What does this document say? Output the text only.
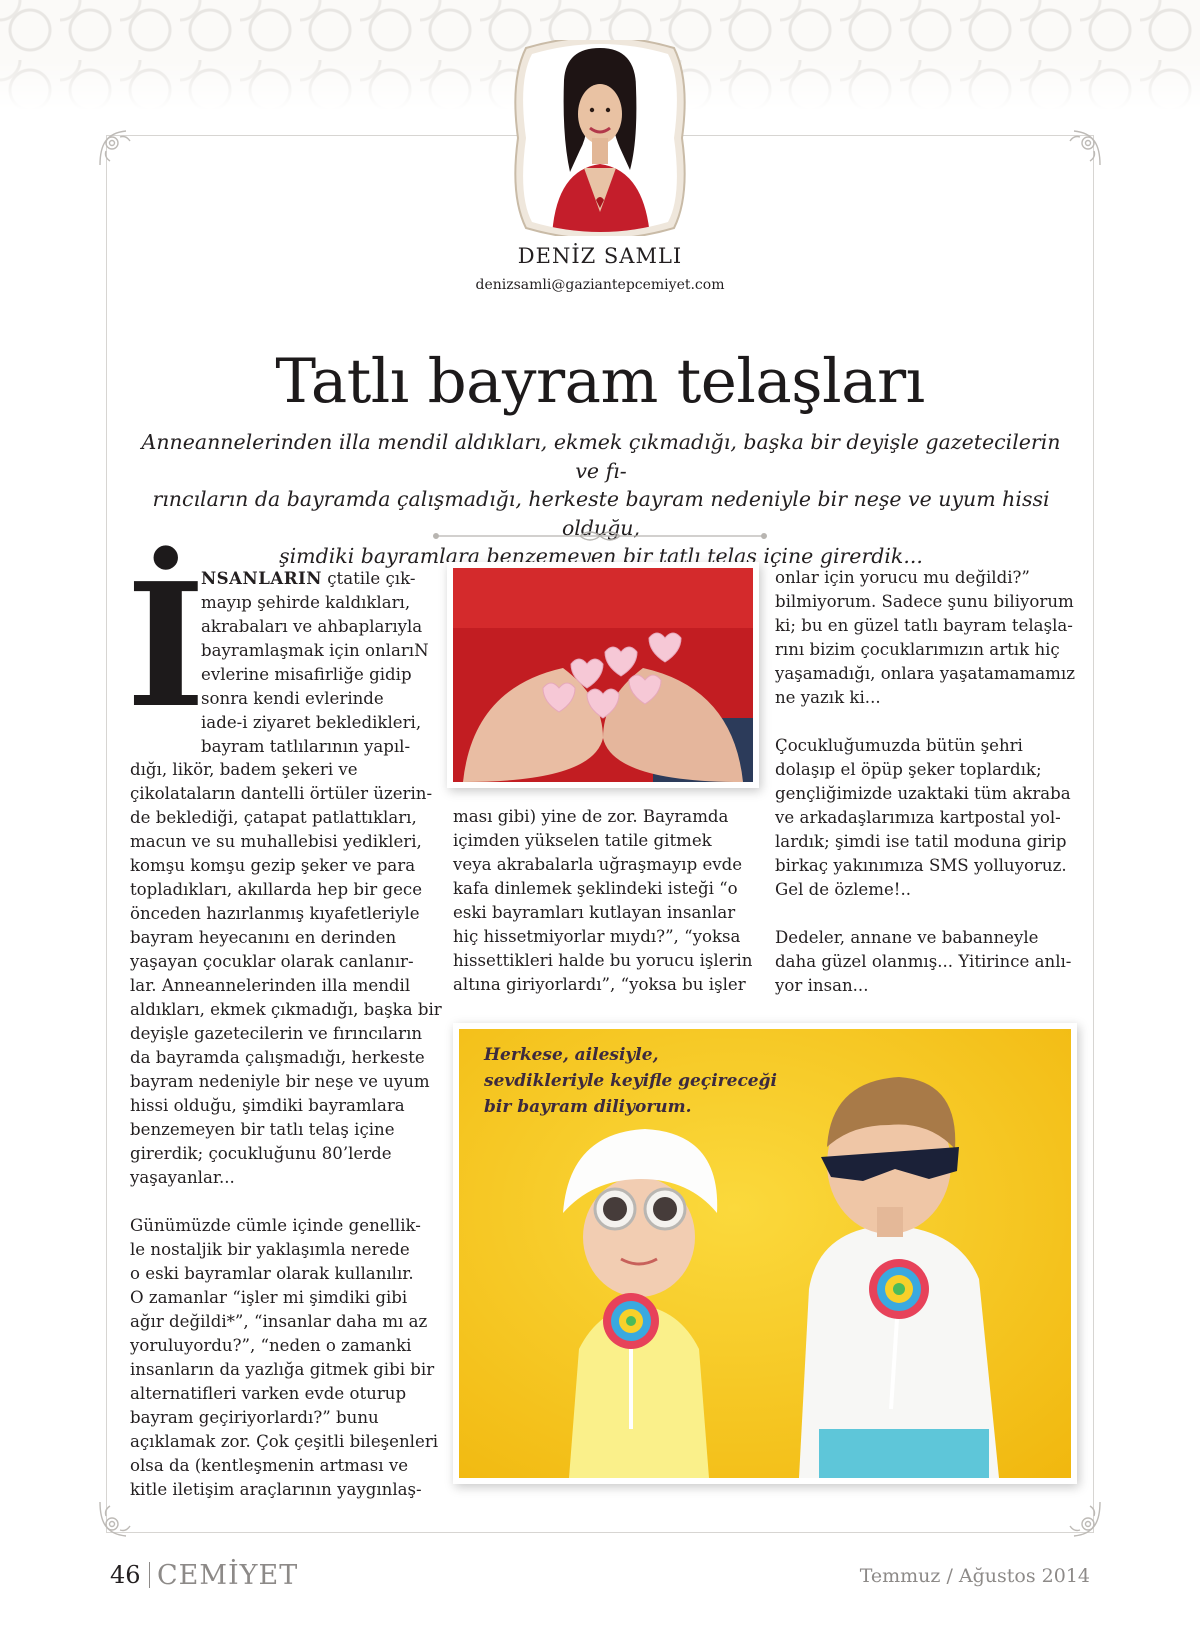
DENİZ SAMLI
denizsamli@gaziantepcemiyet.com
Tatlı bayram telaşları
Anneannelerinden illa mendil aldıkları, ekmek çıkmadığı, başka bir deyişle gazetecilerin ve fı-
rıncıların da bayramda çalışmadığı, herkeste bayram nedeniyle bir neşe ve uyum hissi olduğu,
şimdiki bayramlara benzemeyen bir tatlı telaş içine girerdik...
İ

NSANLARIN çtatile çık-

mayıp şehirde kaldıkları,

akrabaları ve ahbaplarıyla

bayramlaşmak için onlarıN

evlerine misafirliğe gidip

sonra kendi evlerinde

iade-i ziyaret bekledikleri,

bayram tatlılarının yapıl-

dığı, likör, badem şekeri ve

çikolataların dantelli örtüler üzerin-

de beklediği, çatapat patlattıkları,

macun ve su muhallebisi yedikleri,

komşu komşu gezip şeker ve para

topladıkları, akıllarda hep bir gece

önceden hazırlanmış kıyafetleriyle

bayram heyecanını en derinden

yaşayan çocuklar olarak canlanır-

lar. Anneannelerinden illa mendil

aldıkları, ekmek çıkmadığı, başka bir

deyişle gazetecilerin ve fırıncıların

da bayramda çalışmadığı, herkeste

bayram nedeniyle bir neşe ve uyum

hissi olduğu, şimdiki bayramlara

benzemeyen bir tatlı telaş içine

girerdik; çocukluğunu 80’lerde

yaşayanlar...

Günümüzde cümle içinde genellik-

le nostaljik bir yaklaşımla nerede

o eski bayramlar olarak kullanılır.

O zamanlar “işler mi şimdiki gibi

ağır değildi*”, “insanlar daha mı az

yoruluyordu?”, “neden o zamanki

insanların da yazlığa gitmek gibi bir

alternatifleri varken evde oturup

bayram geçiriyorlardı?” bunu

açıklamak zor. Çok çeşitli bileşenleri

olsa da (kentleşmenin artması ve

kitle iletişim araçlarının yaygınlaş-

ması gibi) yine de zor. Bayramda

içimden yükselen tatile gitmek

veya akrabalarla uğraşmayıp evde

kafa dinlemek şeklindeki isteği “o

eski bayramları kutlayan insanlar

hiç hissetmiyorlar mıydı?”, “yoksa

hissettikleri halde bu yorucu işlerin

altına giriyorlardı”, “yoksa bu işler

onlar için yorucu mu değildi?”

bilmiyorum. Sadece şunu biliyorum

ki; bu en güzel tatlı bayram telaşla-

rını bizim çocuklarımızın artık hiç

yaşamadığı, onlara yaşatamamamız

ne yazık ki...

Çocukluğumuzda bütün şehri

dolaşıp el öpüp şeker toplardık;

gençliğimizde uzaktaki tüm akraba

ve arkadaşlarımıza kartpostal yol-

lardık; şimdi ise tatil moduna girip

birkaç yakınımıza SMS yolluyoruz.

Gel de özleme!..

Dedeler, annane ve babanneyle

daha güzel olanmış... Yitirince anlı-

yor insan...

Herkese, ailesiyle,
sevdikleriyle keyifle geçireceği
bir bayram diliyorum.
46 CEMİYET	Temmuz / Ağustos 2014
